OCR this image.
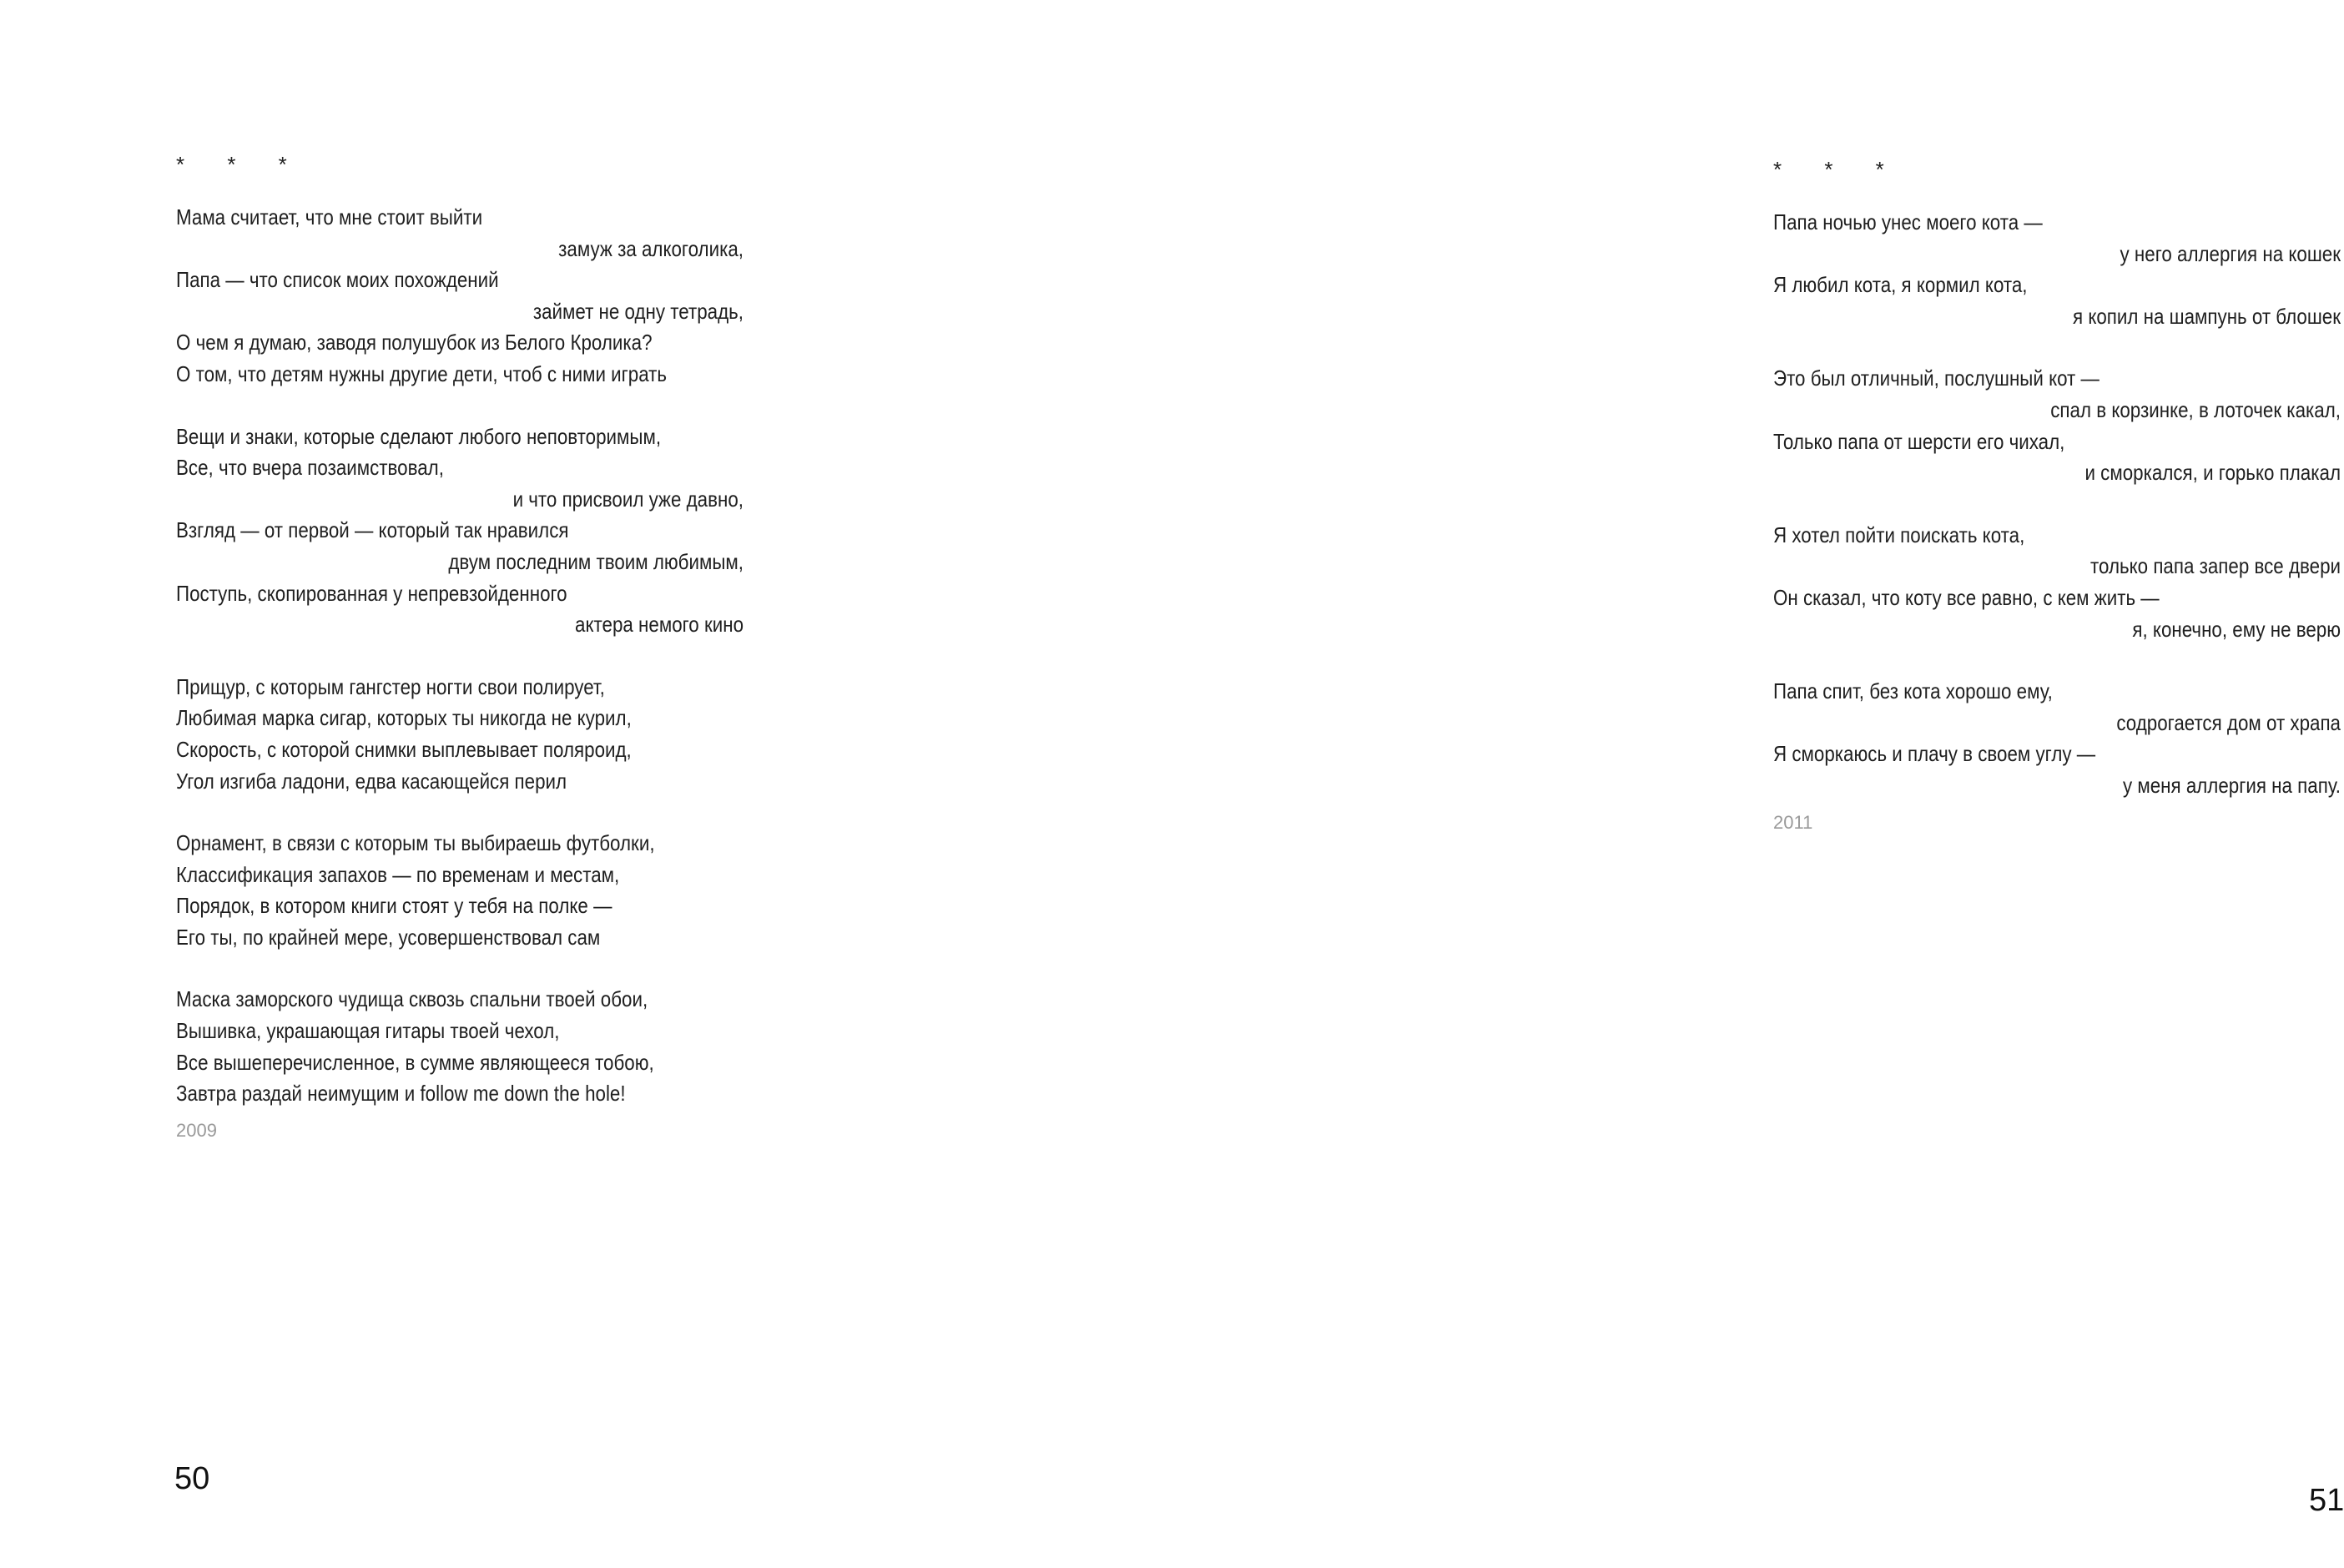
* * *
Мама считает, что мне стоит выйти
замуж за алкоголика,
Папа — что список моих похождений
займет не одну тетрадь,
О чем я думаю, заводя полушубок из Белого Кролика?
О том, что детям нужны другие дети, чтоб с ними играть
Вещи и знаки, которые сделают любого неповторимым,
Все, что вчера позаимствовал,
и что присвоил уже давно,
Взгляд — от первой — который так нравился
двум последним твоим любимым,
Поступь, скопированная у непревзойденного
актера немого кино
Прищур, с которым гангстер ногти свои полирует,
Любимая марка сигар, которых ты никогда не курил,
Скорость, с которой снимки выплевывает поляроид,
Угол изгиба ладони, едва касающейся перил
Орнамент, в связи с которым ты выбираешь футболки,
Классификация запахов — по временам и местам,
Порядок, в котором книги стоят у тебя на полке —
Его ты, по крайней мере, усовершенствовал сам
Маска заморского чудища сквозь спальни твоей обои,
Вышивка, украшающая гитары твоей чехол,
Все вышеперечисленное, в сумме являющееся тобою,
Завтра раздай неимущим и follow me down the hole!
2009
50
* * *
Папа ночью унес моего кота —
у него аллергия на кошек
Я любил кота, я кормил кота,
я копил на шампунь от блошек
Это был отличный, послушный кот —
спал в корзинке, в лоточек какал,
Только папа от шерсти его чихал,
и сморкался, и горько плакал
Я хотел пойти поискать кота,
только папа запер все двери
Он сказал, что коту все равно, с кем жить —
я, конечно, ему не верю
Папа спит, без кота хорошо ему,
содрогается дом от храпа
Я сморкаюсь и плачу в своем углу —
у меня аллергия на папу.
2011
51
